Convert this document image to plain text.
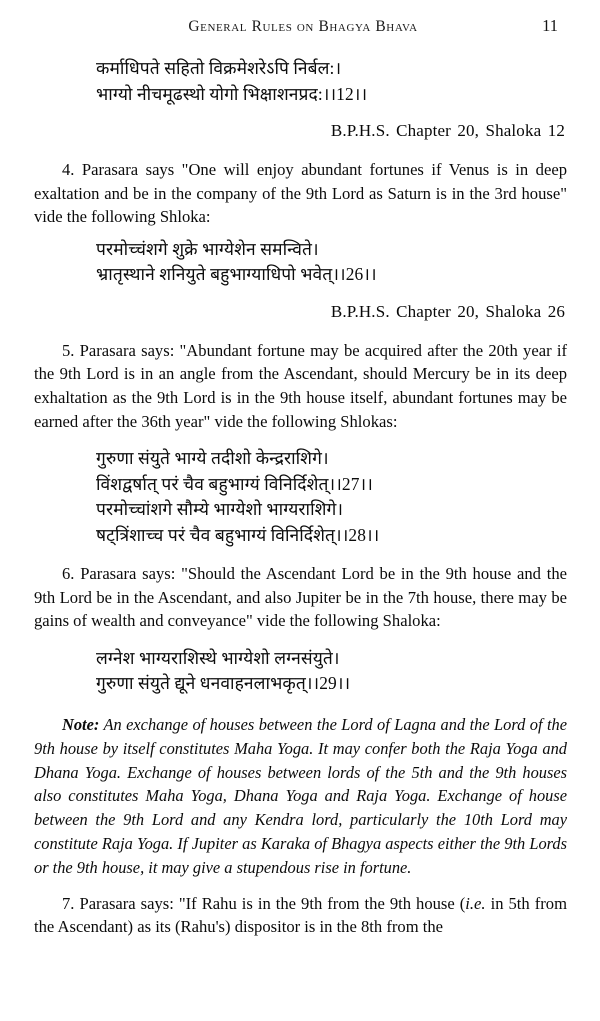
General Rules on Bhagya Bhava	11
कर्माधिपते सहितो विक्रमेशरेऽपि निर्बल:।
भाग्यो नीचमूढस्थो योगो भिक्षाशनप्रद:।।12।।
B.P.H.S. Chapter 20, Shaloka 12

4. Parasara says "One will enjoy abundant fortunes if Venus is in deep exaltation and be in the company of the 9th Lord as Saturn is in the 3rd house" vide the following Shloka:

परमोच्चंशगे शुक्रे भाग्येशेन समन्विते।
भ्रातृस्थाने शनियुते बहुभाग्याधिपो भवेत्।।26।।
B.P.H.S. Chapter 20, Shaloka 26

5. Parasara says: "Abundant fortune may be acquired after the 20th year if the 9th Lord is in an angle from the Ascendant, should Mercury be in its deep exhaltation as the 9th Lord is in the 9th house itself, abundant fortunes may be earned after the 36th year" vide the following Shlokas:

गुरुणा संयुते भाग्ये तदीशो केन्द्रराशिगे।
विंशद्वर्षात् परं चैव बहुभाग्यं विनिर्दिशेत्।।27।।
परमोच्चांशगे सौम्ये भाग्येशो भाग्यराशिगे।
षट्त्रिंशाच्च परं चैव बहुभाग्यं विनिर्दिशेत्।।28।।

6. Parasara says: "Should the Ascendant Lord be in the 9th house and the 9th Lord be in the Ascendant, and also Jupiter be in the 7th house, there may be gains of wealth and conveyance" vide the following Shaloka:

लग्नेश भाग्यराशिस्थे भाग्येशो लग्नसंयुते।
गुरुणा संयुते द्यूने धनवाहनलाभकृत्।।29।।

Note: An exchange of houses between the Lord of Lagna and the Lord of the 9th house by itself constitutes Maha Yoga. It may confer both the Raja Yoga and Dhana Yoga. Exchange of houses between lords of the 5th and the 9th houses also constitutes Maha Yoga, Dhana Yoga and Raja Yoga. Exchange of house between the 9th Lord and any Kendra lord, particularly the 10th Lord may constitute Raja Yoga. If Jupiter as Karaka of Bhagya aspects either the 9th Lords or the 9th house, it may give a stupendous rise in fortune.

7. Parasara says: "If Rahu is in the 9th from the 9th house (i.e. in 5th from the Ascendant) as its (Rahu's) dispositor is in the 8th from the
